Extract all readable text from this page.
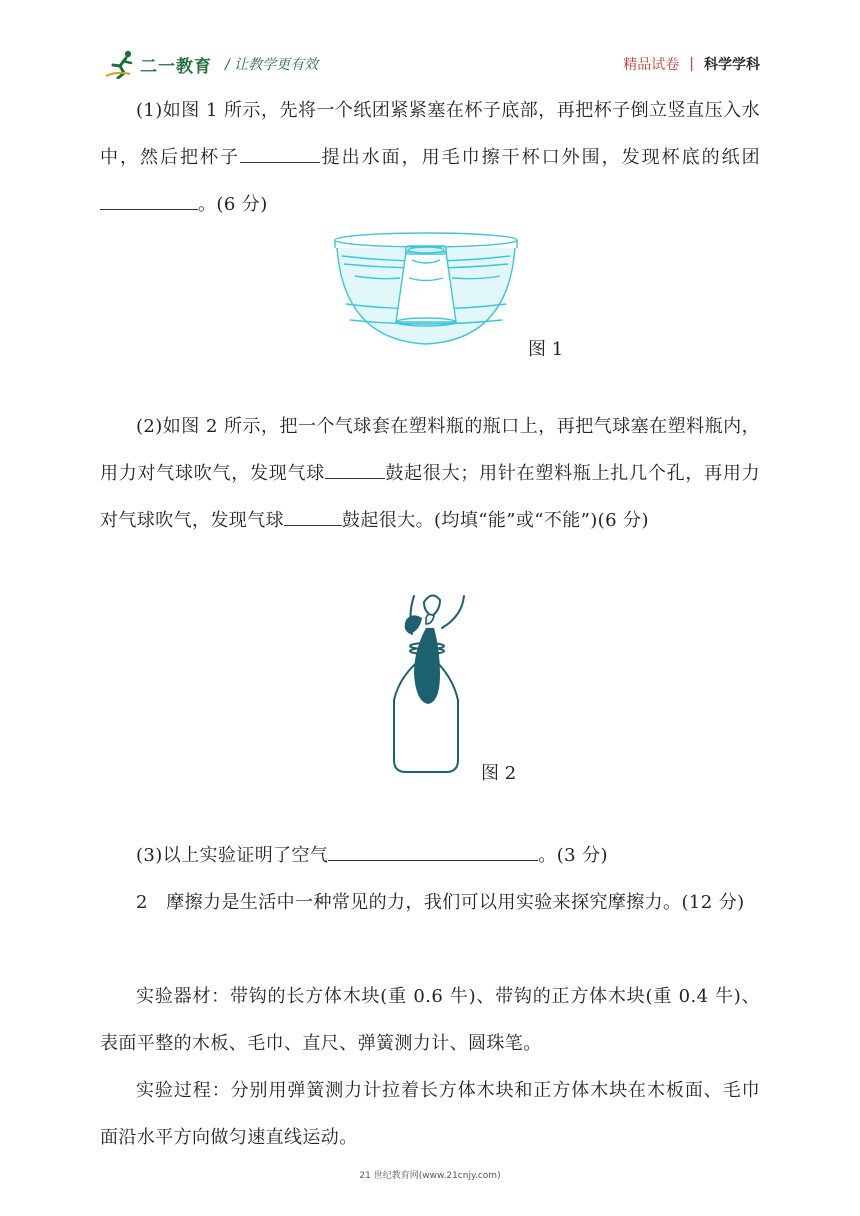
二一教育 / 让教学更有效	精品试卷 | 科学学科

(1)如图 1 所示，先将一个纸团紧紧塞在杯子底部，再把杯子倒立竖直压入水中，然后把杯子	提出水面，用毛巾擦干杯口外围，发现杯底的纸团。(6 分)

图 1

(2)如图 2 所示，把一个气球套在塑料瓶的瓶口上，再把气球塞在塑料瓶内，用力对气球吹气，发现气球	鼓起很大；用针在塑料瓶上扎几个孔，再用力对气球吹气，发现气球	鼓起很大。(均填“能”或“不能”)(6 分)

图 2

(3)以上实验证明了空气	。(3 分)

2　摩擦力是生活中一种常见的力，我们可以用实验来探究摩擦力。(12 分)

实验器材：带钩的长方体木块(重 0.6 牛)、带钩的正方体木块(重 0.4 牛)、表面平整的木板、毛巾、直尺、弹簧测力计、圆珠笔。

实验过程：分别用弹簧测力计拉着长方体木块和正方体木块在木板面、毛巾面沿水平方向做匀速直线运动。

21 世纪教育网(www.21cnjy.com)
